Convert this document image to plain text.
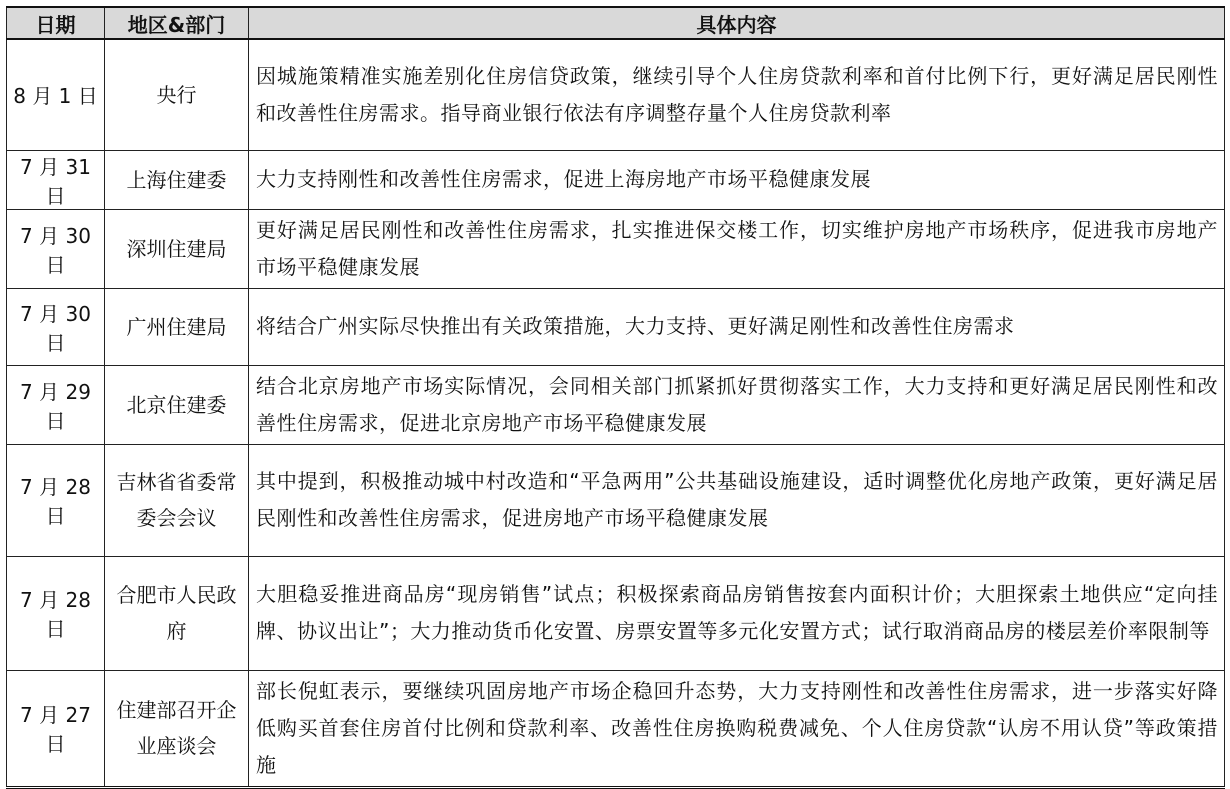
日期	地区&部门	具体内容
8 月 1 日	央行	因城施策精准实施差别化住房信贷政策，继续引导个人住房贷款利率和首付比例下行，更好满足居民刚性和改善性住房需求。指导商业银行依法有序调整存量个人住房贷款利率
7 月 31 日	上海住建委	大力支持刚性和改善性住房需求，促进上海房地产市场平稳健康发展
7 月 30 日	深圳住建局	更好满足居民刚性和改善性住房需求，扎实推进保交楼工作，切实维护房地产市场秩序，促进我市房地产市场平稳健康发展
7 月 30 日	广州住建局	将结合广州实际尽快推出有关政策措施，大力支持、更好满足刚性和改善性住房需求
7 月 29 日	北京住建委	结合北京房地产市场实际情况，会同相关部门抓紧抓好贯彻落实工作，大力支持和更好满足居民刚性和改善性住房需求，促进北京房地产市场平稳健康发展
7 月 28 日	吉林省省委常委会会议	其中提到，积极推动城中村改造和“平急两用”公共基础设施建设，适时调整优化房地产政策，更好满足居民刚性和改善性住房需求，促进房地产市场平稳健康发展
7 月 28 日	合肥市人民政府	大胆稳妥推进商品房“现房销售”试点；积极探索商品房销售按套内面积计价；大胆探索土地供应“定向挂牌、协议出让”；大力推动货币化安置、房票安置等多元化安置方式；试行取消商品房的楼层差价率限制等
7 月 27 日	住建部召开企业座谈会	部长倪虹表示，要继续巩固房地产市场企稳回升态势，大力支持刚性和改善性住房需求，进一步落实好降低购买首套住房首付比例和贷款利率、改善性住房换购税费减免、个人住房贷款“认房不用认贷”等政策措施
